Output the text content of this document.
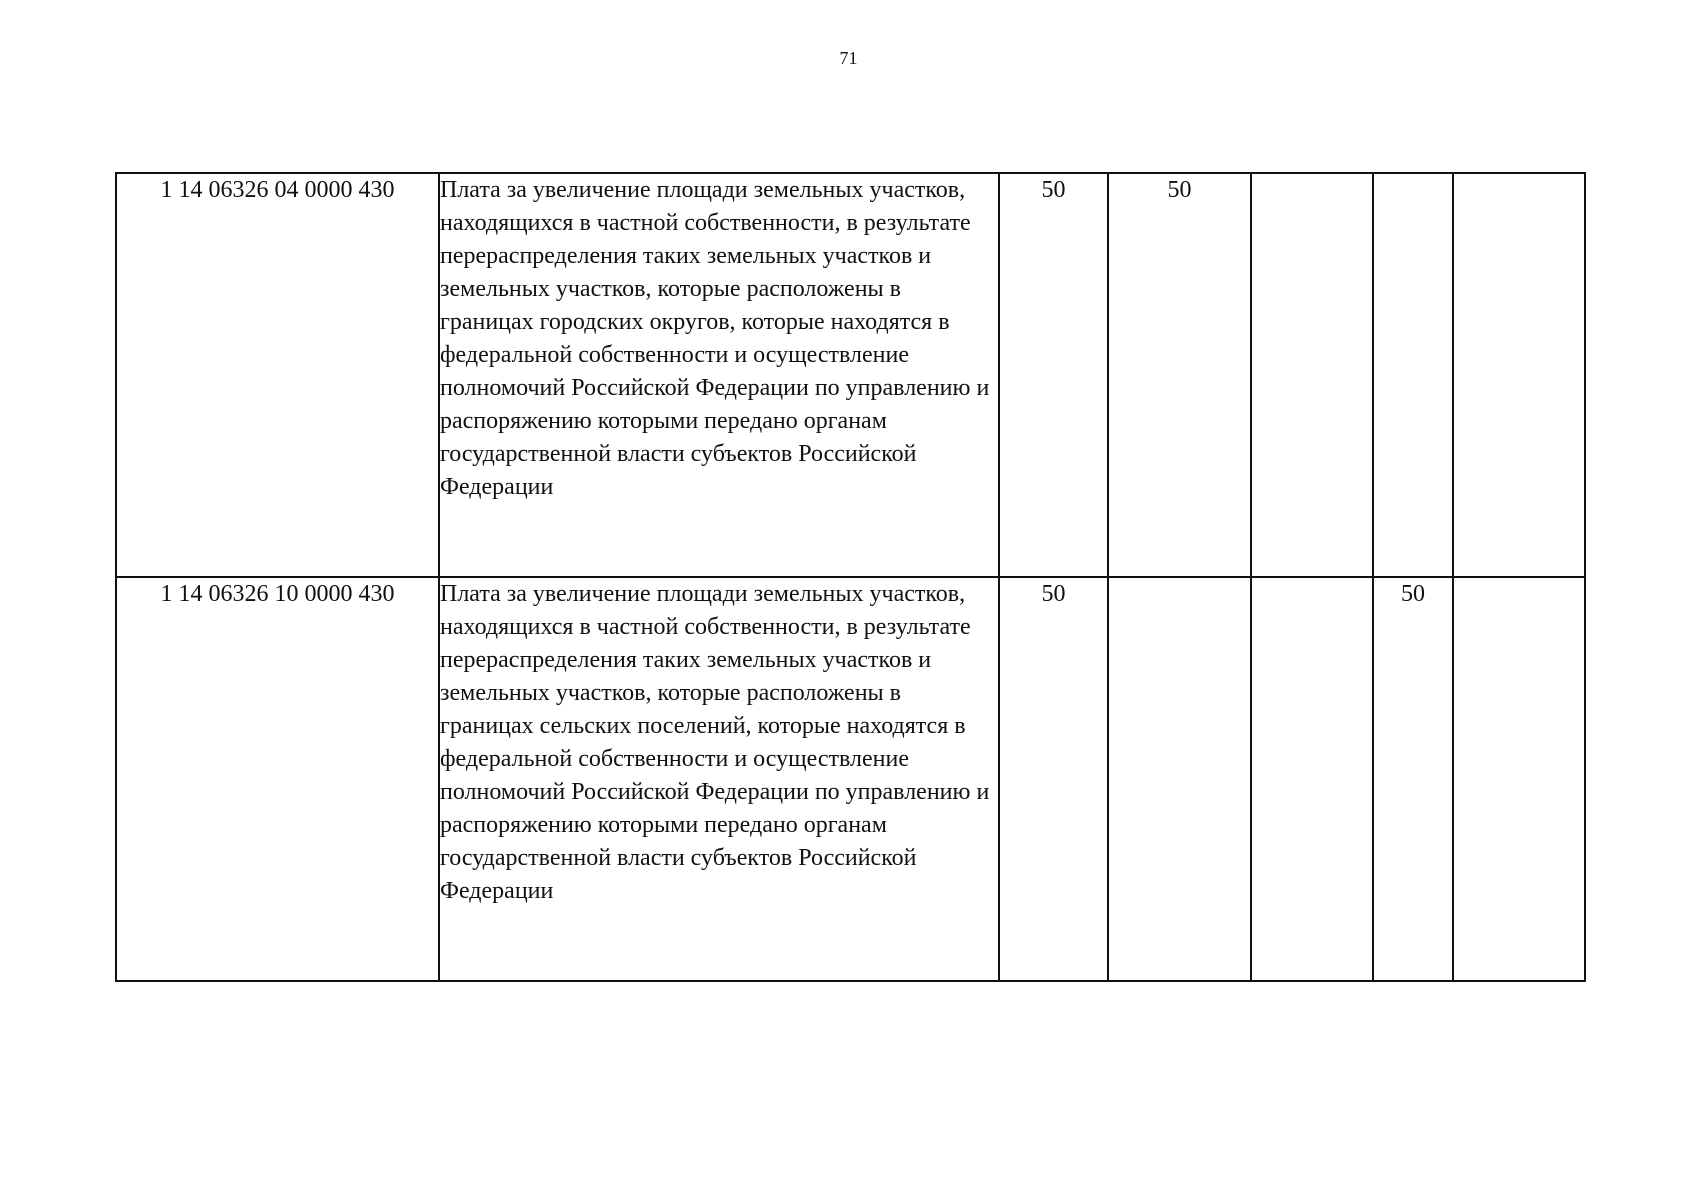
71
1 14 06326 04 0000 430	Плата за увеличение площади земельных участков, находящихся в частной собственности, в результате перераспределения таких земельных участков и земельных участков, которые расположены в границах городских округов, которые находятся в федеральной собственности и осуществление полномочий Российской Федерации по управлению и распоряжению которыми передано органам государственной власти субъектов Российской Федерации	50	50			
1 14 06326 10 0000 430	Плата за увеличение площади земельных участков, находящихся в частной собственности, в результате перераспределения таких земельных участков и земельных участков, которые расположены в границах сельских поселений, которые находятся в федеральной собственности и осуществление полномочий Российской Федерации по управлению и распоряжению которыми передано органам государственной власти субъектов Российской Федерации	50			50	
